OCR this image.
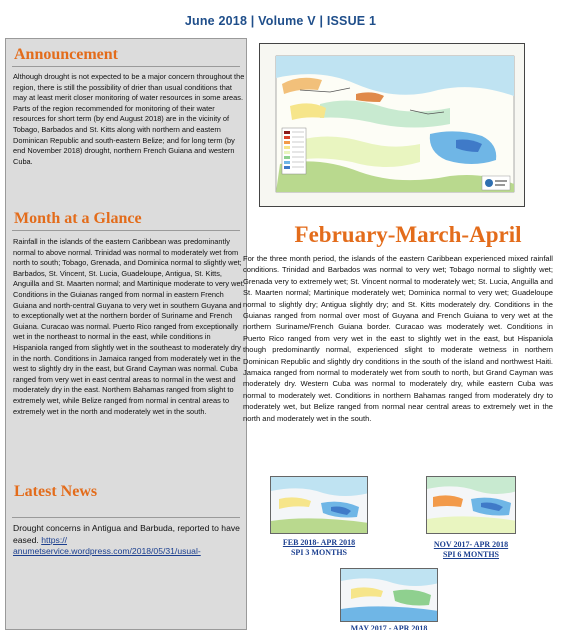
June 2018 | Volume V | ISSUE 1
Announcement
Although drought is not expected to be a major concern throughout the region, there is still the possibility of drier than usual conditions that may at least merit closer monitoring of water resources in some areas. Parts of the region recommended for monitoring of their water resources for short term (by end August 2018) are in the vicinity of Tobago, Barbados and St. Kitts along with northern and eastern Dominican Republic and south-eastern Belize; and for long term (by end November 2018) drought, northern French Guiana and western Cuba.
Month at a Glance
Rainfall in the islands of the eastern Caribbean was predominantly normal to above normal. Trinidad was normal to moderately wet from north to south; Tobago, Grenada, and Dominica normal to slightly wet; Barbados, St. Vincent, St. Lucia, Guadeloupe, Antigua, St. Kitts, Anguilla and St. Maarten normal; and Martinique moderate to very wet. Conditions in the Guianas ranged from normal in eastern French Guiana and north-central Guyana to very wet in southern Guyana and to exceptionally wet at the northern border of Suriname and French Guiana. Curacao was normal. Puerto Rico ranged from exceptionally wet in the northeast to normal in the east, while conditions in Hispaniola ranged from slightly wet in the southeast to moderately dry in the north. Conditions in Jamaica ranged from moderately wet in the west to slightly dry in the east, but Grand Cayman was normal. Cuba ranged from very wet in east central areas to normal in the west and moderately dry in the east. Northern Bahamas ranged from slight to extremely wet, while Belize ranged from normal in central areas to extremely wet in the north and moderately wet in the south.
Latest News
Drought concerns in Antigua and Barbuda, reported to have eased. https://
anumetservice.wordpress.com/2018/05/31/usual-
February-March-April
For the three month period, the islands of the eastern Caribbean experienced mixed rainfall conditions. Trinidad and Barbados was normal to very wet; Tobago normal to slightly wet; Grenada very to extremely wet; St. Vincent normal to moderately wet; St. Lucia, Anguilla and St. Maarten normal; Martinique moderately wet; Dominica normal to very wet; Guadeloupe normal to slightly dry; Antigua slightly dry; and St. Kitts moderately dry. Conditions in the Guianas ranged from normal over most of Guyana and French Guiana to very wet at the northern Suriname/French Guiana border. Curacao was moderately wet. Conditions in Puerto Rico ranged from very wet in the east to slightly wet in the east, but Hispaniola though predominantly normal, experienced slight to moderate wetness in northern Dominican Republic and slightly dry conditions in the south of the island and northwest Haiti. Jamaica ranged from normal to moderately wet from south to north, but Grand Cayman was moderately dry. Western Cuba was normal to moderately dry, while eastern Cuba was normal to moderately wet. Conditions in northern Bahamas ranged from moderately dry to moderately wet, but Belize ranged from normal near central areas to extremely wet in the north and moderately wet in the south.
FEB 2018- APR 2018
SPI 3 MONTHS
NOV 2017- APR 2018
SPI 6 MONTHS
MAY 2017 - APR 2018
